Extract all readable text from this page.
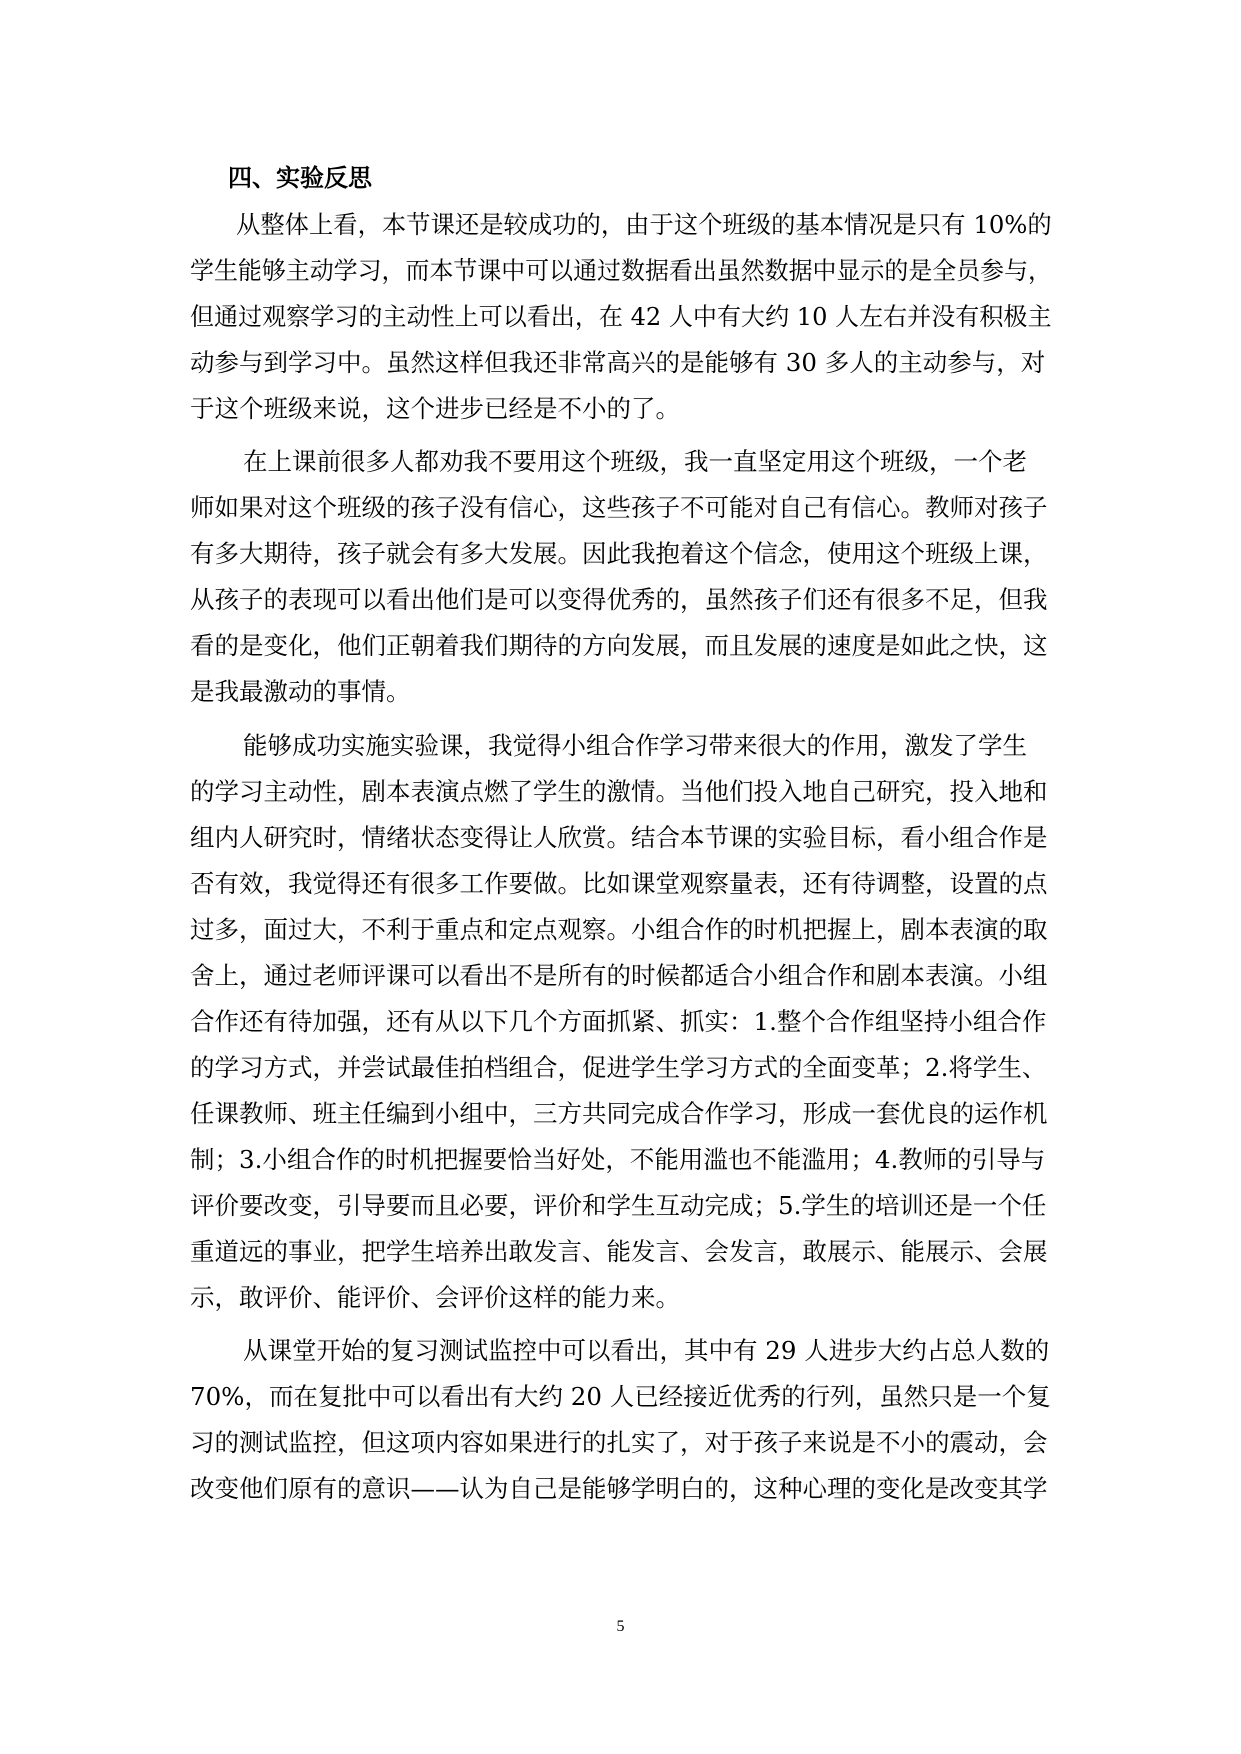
四、实验反思
从整体上看，本节课还是较成功的，由于这个班级的基本情况是只有 10%的
学生能够主动学习，而本节课中可以通过数据看出虽然数据中显示的是全员参与，
但通过观察学习的主动性上可以看出，在 42 人中有大约 10 人左右并没有积极主
动参与到学习中。虽然这样但我还非常高兴的是能够有 30 多人的主动参与，对
于这个班级来说，这个进步已经是不小的了。
在上课前很多人都劝我不要用这个班级，我一直坚定用这个班级，一个老
师如果对这个班级的孩子没有信心，这些孩子不可能对自己有信心。教师对孩子
有多大期待，孩子就会有多大发展。因此我抱着这个信念，使用这个班级上课，
从孩子的表现可以看出他们是可以变得优秀的，虽然孩子们还有很多不足，但我
看的是变化，他们正朝着我们期待的方向发展，而且发展的速度是如此之快，这
是我最激动的事情。
能够成功实施实验课，我觉得小组合作学习带来很大的作用，激发了学生
的学习主动性，剧本表演点燃了学生的激情。当他们投入地自己研究，投入地和
组内人研究时，情绪状态变得让人欣赏。结合本节课的实验目标，看小组合作是
否有效，我觉得还有很多工作要做。比如课堂观察量表，还有待调整，设置的点
过多，面过大，不利于重点和定点观察。小组合作的时机把握上，剧本表演的取
舍上，通过老师评课可以看出不是所有的时候都适合小组合作和剧本表演。小组
合作还有待加强，还有从以下几个方面抓紧、抓实：1.整个合作组坚持小组合作
的学习方式，并尝试最佳拍档组合，促进学生学习方式的全面变革；2.将学生、
任课教师、班主任编到小组中，三方共同完成合作学习，形成一套优良的运作机
制；3.小组合作的时机把握要恰当好处，不能用滥也不能滥用；4.教师的引导与
评价要改变，引导要而且必要，评价和学生互动完成；5.学生的培训还是一个任
重道远的事业，把学生培养出敢发言、能发言、会发言，敢展示、能展示、会展
示，敢评价、能评价、会评价这样的能力来。
从课堂开始的复习测试监控中可以看出，其中有 29 人进步大约占总人数的
70%，而在复批中可以看出有大约 20 人已经接近优秀的行列，虽然只是一个复
习的测试监控，但这项内容如果进行的扎实了，对于孩子来说是不小的震动，会
改变他们原有的意识——认为自己是能够学明白的，这种心理的变化是改变其学
5
